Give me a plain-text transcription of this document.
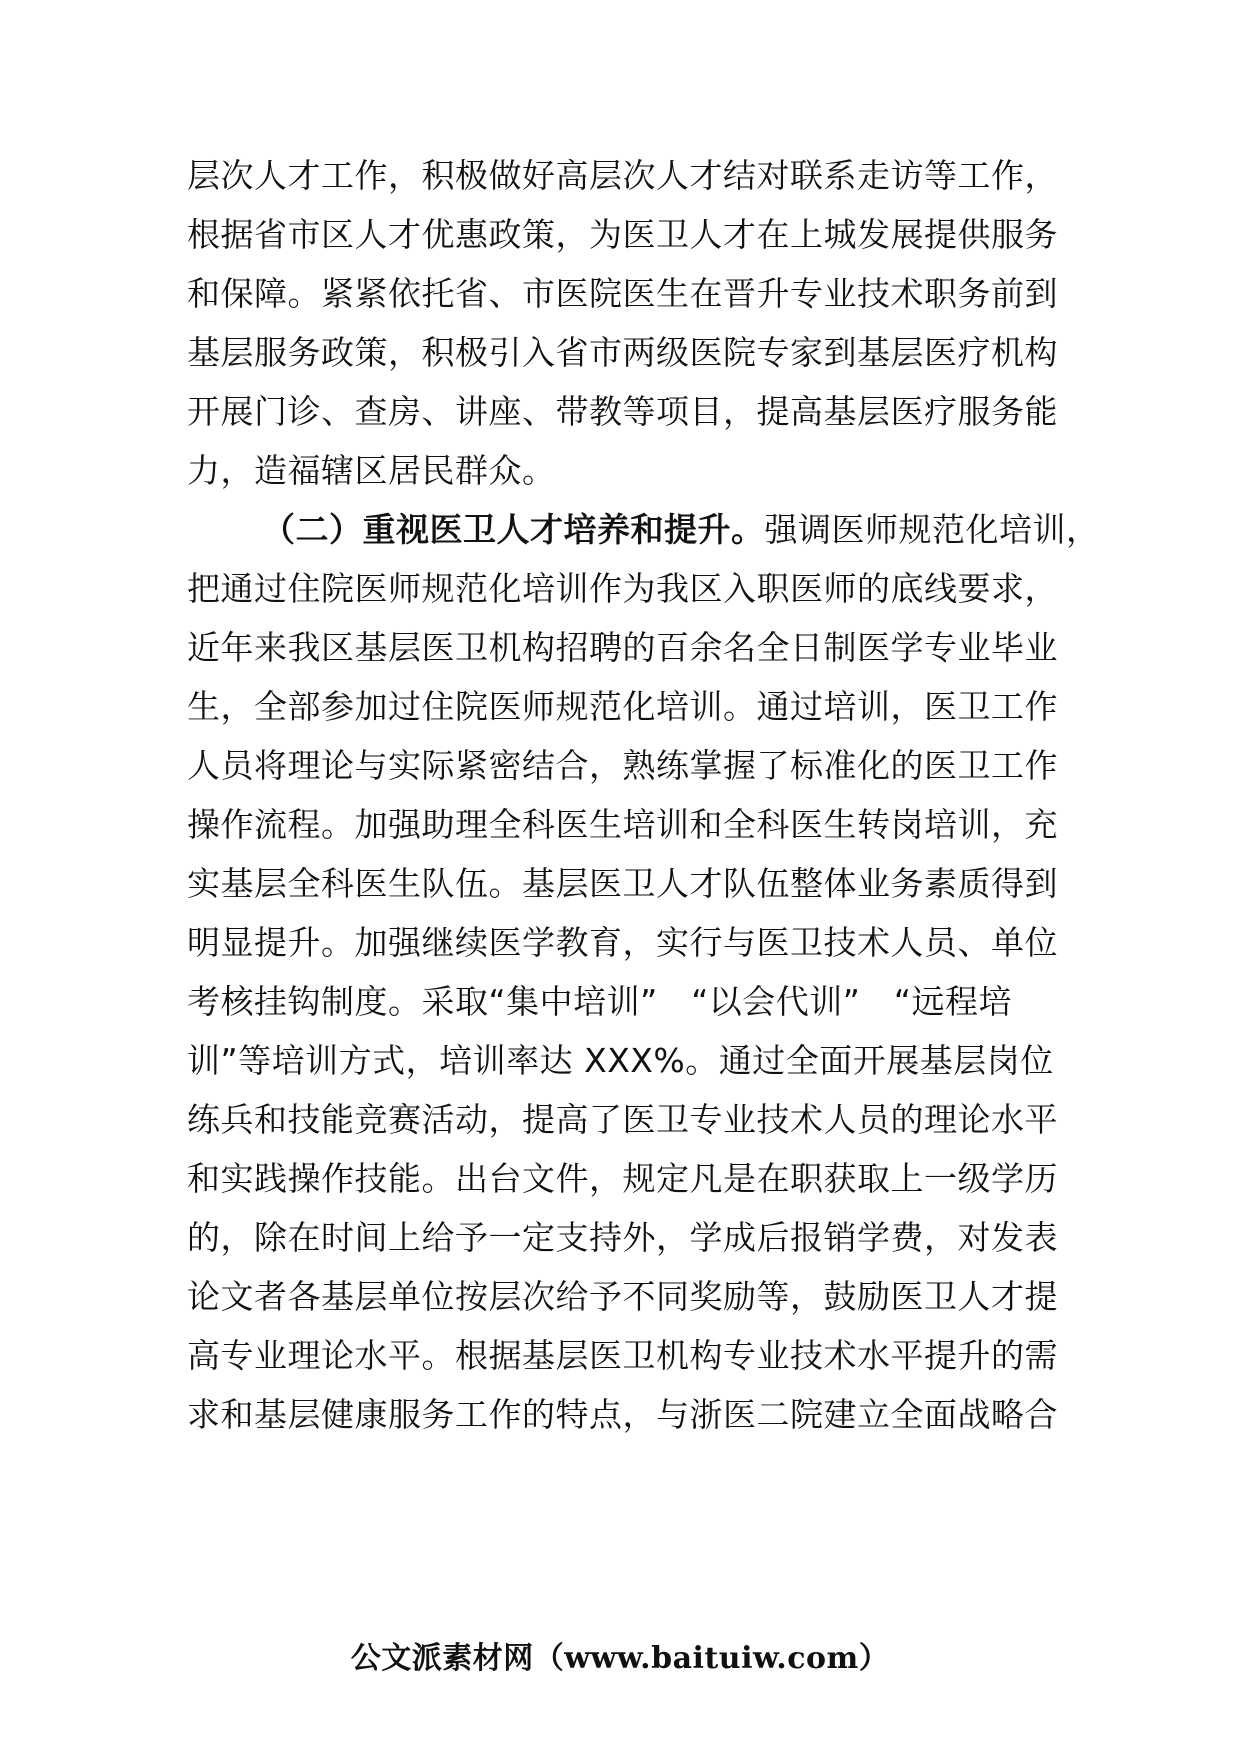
层次人才工作，积极做好高层次人才结对联系走访等工作，
根据省市区人才优惠政策，为医卫人才在上城发展提供服务
和保障。紧紧依托省、市医院医生在晋升专业技术职务前到
基层服务政策，积极引入省市两级医院专家到基层医疗机构
开展门诊、查房、讲座、带教等项目，提高基层医疗服务能
力，造福辖区居民群众。
（二）重视医卫人才培养和提升。强调医师规范化培训，
把通过住院医师规范化培训作为我区入职医师的底线要求，
近年来我区基层医卫机构招聘的百余名全日制医学专业毕业
生，全部参加过住院医师规范化培训。通过培训，医卫工作
人员将理论与实际紧密结合，熟练掌握了标准化的医卫工作
操作流程。加强助理全科医生培训和全科医生转岗培训，充
实基层全科医生队伍。基层医卫人才队伍整体业务素质得到
明显提升。加强继续医学教育，实行与医卫技术人员、单位
考核挂钩制度。采取“集中培训”　“以会代训”　“远程培
训”等培训方式，培训率达 XXX%。通过全面开展基层岗位
练兵和技能竞赛活动，提高了医卫专业技术人员的理论水平
和实践操作技能。出台文件，规定凡是在职获取上一级学历
的，除在时间上给予一定支持外，学成后报销学费，对发表
论文者各基层单位按层次给予不同奖励等，鼓励医卫人才提
高专业理论水平。根据基层医卫机构专业技术水平提升的需
求和基层健康服务工作的特点，与浙医二院建立全面战略合
公文派素材网（www.baituiw.com）
